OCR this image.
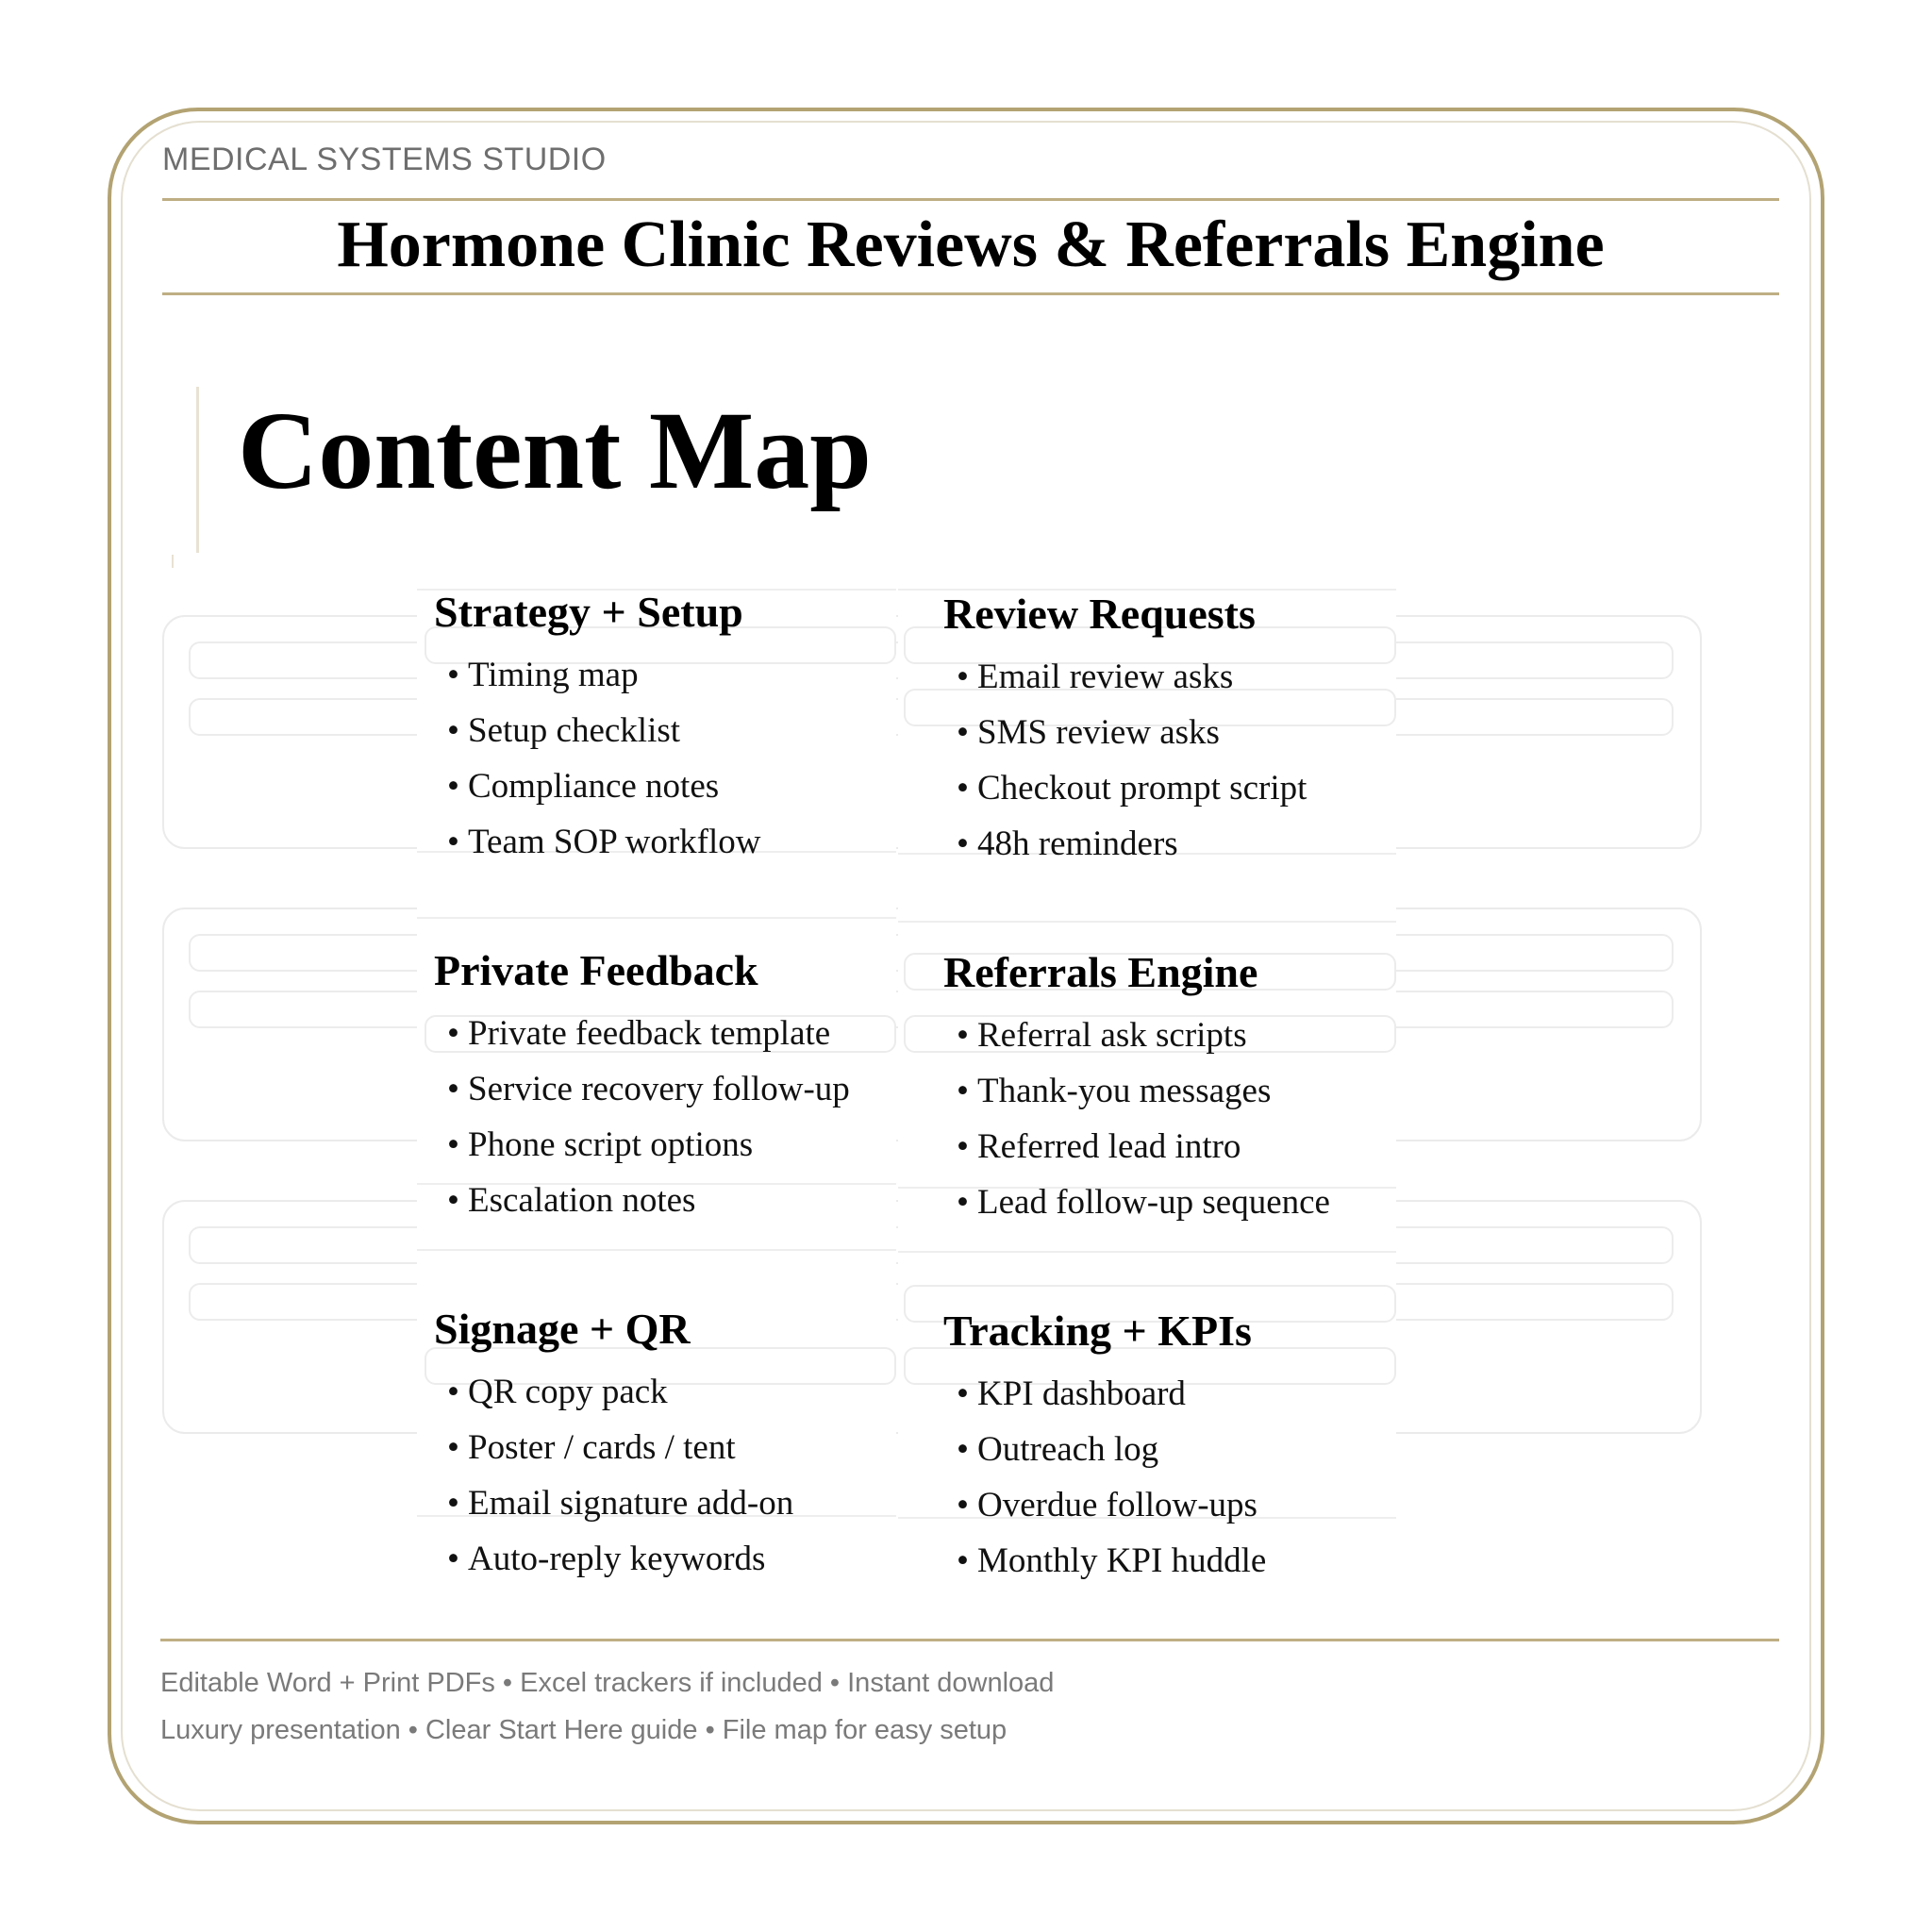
MEDICAL SYSTEMS STUDIO
Hormone Clinic Reviews & Referrals Engine
Content Map
Strategy + Setup
• Timing map
• Setup checklist
• Compliance notes
• Team SOP workflow
Review Requests
• Email review asks
• SMS review asks
• Checkout prompt script
• 48h reminders
Private Feedback
• Private feedback template
• Service recovery follow-up
• Phone script options
• Escalation notes
Referrals Engine
• Referral ask scripts
• Thank-you messages
• Referred lead intro
• Lead follow-up sequence
Signage + QR
• QR copy pack
• Poster / cards / tent
• Email signature add-on
• Auto-reply keywords
Tracking + KPIs
• KPI dashboard
• Outreach log
• Overdue follow-ups
• Monthly KPI huddle
Editable Word + Print PDFs • Excel trackers if included • Instant download
Luxury presentation • Clear Start Here guide • File map for easy setup
